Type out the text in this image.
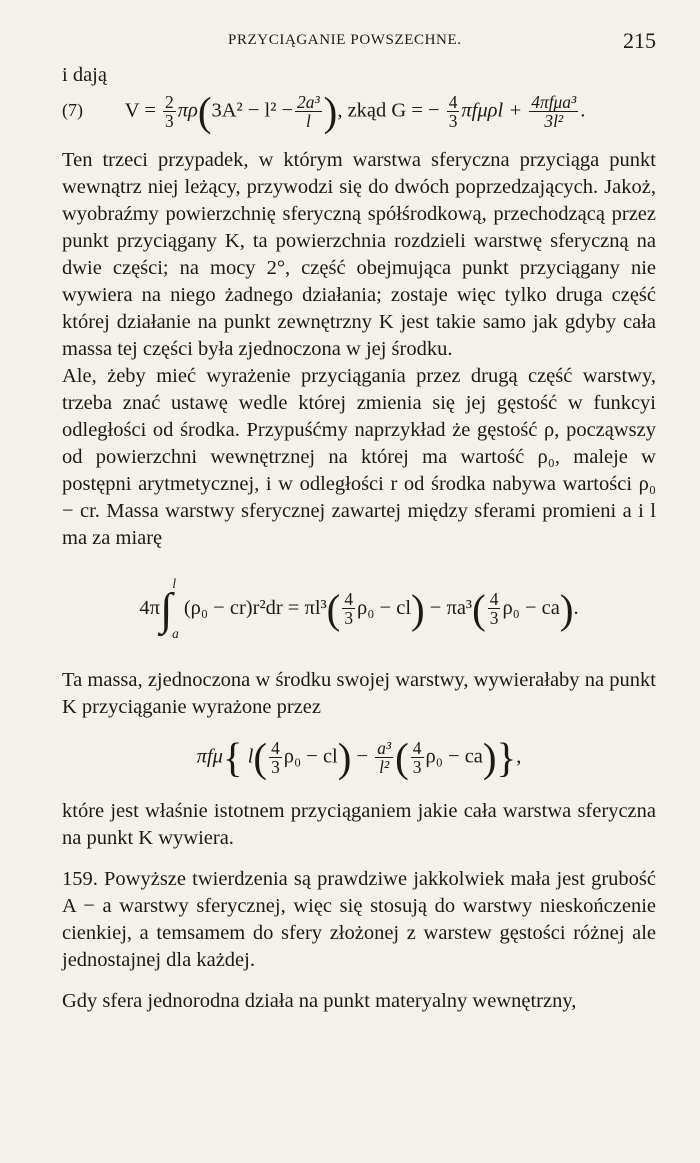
PRZYCIĄGANIE POWSZECHNE.	215

i dają

(7) $V = \frac{2}{3} \pi\rho(3A^2 - l^2 - \frac{\text{2a³}}{l}$ ), zkąd G = − $\frac{4}{3}$ $\pi f\mu\rho l + \frac{\text{4πfμa³}}{\text{3l²}}$ .

Ten trzeci przypadek, w którym warstwa sferyczna przyciąga punkt wewnątrz niej leżący, przywodzi się do dwóch poprzedzających. Jakoż, wyobraźmy powierzchnię sferyczną spółśrodkową, przechodzącą przez punkt przyciągany K, ta powierzchnia rozdzieli warstwę sferyczną na dwie części; na mocy 2°, część obejmująca punkt przyciągany nie wywiera na niego żadnego działania; zostaje więc tylko druga część której działanie na punkt zewnętrzny K jest takie samo jak gdyby cała massa tej części była zjednoczona w jej środku.

Ale, żeby mieć wyrażenie przyciągania przez drugą część warstwy, trzeba znać ustawę wedle której zmienia się jej gęstość w funkcyi odległości od środka. Przypuśćmy naprzykład że gęstość ρ, począwszy od powierzchni wewnętrznej na której ma wartość ρ₀, maleje w postępni arytmetycznej, i w odległości r od środka nabywa wartości ρ₀ − cr. Massa warstwy sferycznej zawartej między sferami promieni a i l ma za miarę

4π∫la $(\rho_0 - cr)r^2dr = \pi l^3( \frac{4}{3} \rho_0 - cl) - \pi a^3( \frac{4}{3} \rho_0 - ca)$.

Ta massa, zjednoczona w środku swojej warstwy, wywierałaby na punkt K przyciąganie wyrażone przez

πfμ{ $l( \frac{4}{3} \rho_0 - cl) - \frac{\text{a³}}{\text{l²}}$ ( $\frac{4}{3} \rho_0 - ca$)},

które jest właśnie istotnem przyciąganiem jakie cała warstwa sferyczna na punkt K wywiera.

159. Powyższe twierdzenia są prawdziwe jakkolwiek mała jest grubość A − a warstwy sferycznej, więc się stosują do warstwy nieskończenie cienkiej, a temsamem do sfery złożonej z warstew gęstości różnej ale jednostajnej dla każdej.

Gdy sfera jednorodna działa na punkt materyalny wewnętrzny,
